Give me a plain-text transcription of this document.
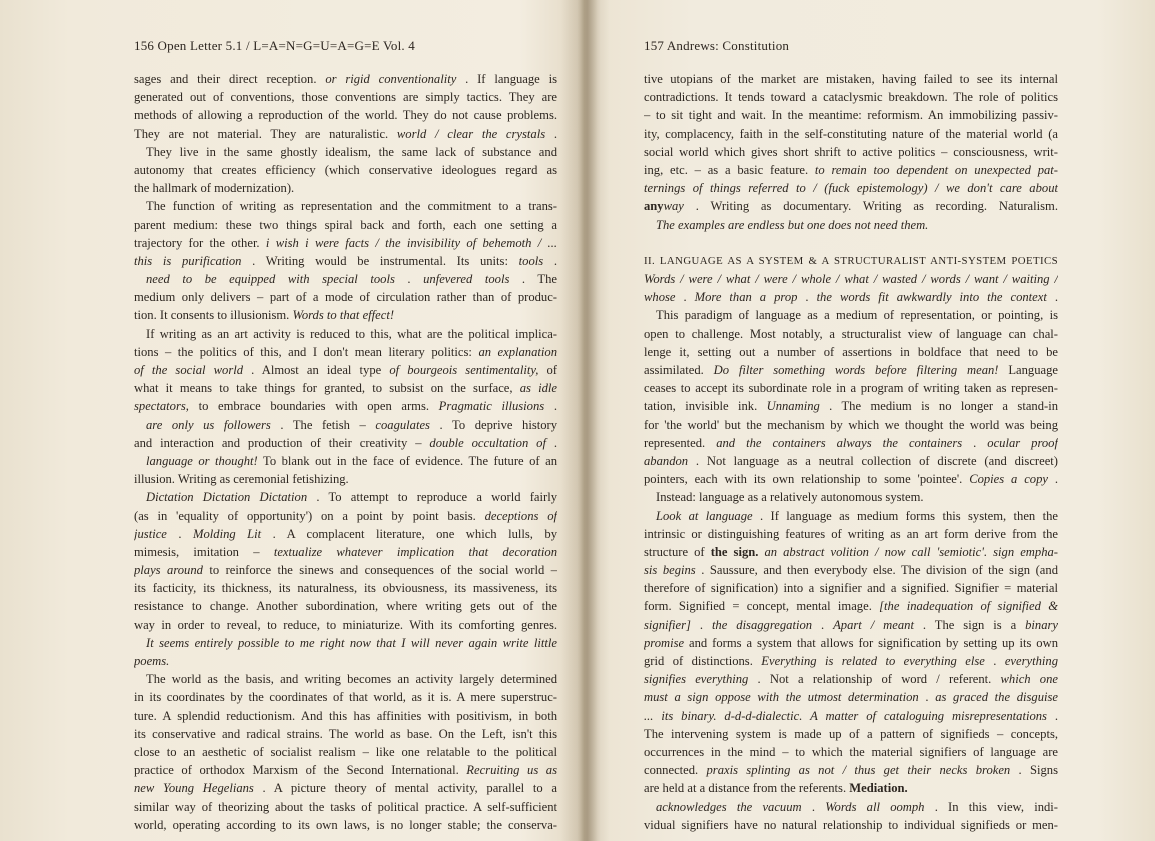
156 Open Letter 5.1 / L=A=N=G=U=A=G=E Vol. 4
sages and their direct reception. or rigid conventionality . If language is
generated out of conventions, those conventions are simply tactics. They are
methods of allowing a reproduction of the world. They do not cause problems.
They are not material. They are naturalistic. world / clear the crystals .
They live in the same ghostly idealism, the same lack of substance and
autonomy that creates efficiency (which conservative ideologues regard as
the hallmark of modernization).
The function of writing as representation and the commitment to a trans-
parent medium: these two things spiral back and forth, each one setting a
trajectory for the other. i wish i were facts / the invisibility of behemoth / ...
this is purification . Writing would be instrumental. Its units: tools .
need to be equipped with special tools . unfevered tools . The
medium only delivers – part of a mode of circulation rather than of produc-
tion. It consents to illusionism. Words to that effect!
If writing as an art activity is reduced to this, what are the political implica-
tions – the politics of this, and I don't mean literary politics: an explanation
of the social world . Almost an ideal type of bourgeois sentimentality, of
what it means to take things for granted, to subsist on the surface, as idle
spectators, to embrace boundaries with open arms. Pragmatic illusions .
are only us followers . The fetish – coagulates . To deprive history
and interaction and production of their creativity – double occultation of .
language or thought! To blank out in the face of evidence. The future of an
illusion. Writing as ceremonial fetishizing.
Dictation Dictation Dictation . To attempt to reproduce a world fairly
(as in 'equality of opportunity') on a point by point basis. deceptions of
justice . Molding Lit . A complacent literature, one which lulls, by
mimesis, imitation – textualize whatever implication that decoration
plays around to reinforce the sinews and consequences of the social world –
its facticity, its thickness, its naturalness, its obviousness, its massiveness, its
resistance to change. Another subordination, where writing gets out of the
way in order to reveal, to reduce, to miniaturize. With its comforting genres.
It seems entirely possible to me right now that I will never again write little
poems.
The world as the basis, and writing becomes an activity largely determined
in its coordinates by the coordinates of that world, as it is. A mere superstruc-
ture. A splendid reductionism. And this has affinities with positivism, in both
its conservative and radical strains. The world as base. On the Left, isn't this
close to an aesthetic of socialist realism – like one relatable to the political
practice of orthodox Marxism of the Second International. Recruiting us as
new Young Hegelians . A picture theory of mental activity, parallel to a
similar way of theorizing about the tasks of political practice. A self-sufficient
world, operating according to its own laws, is no longer stable; the conserva-
157 Andrews: Constitution
tive utopians of the market are mistaken, having failed to see its internal
contradictions. It tends toward a cataclysmic breakdown. The role of politics
– to sit tight and wait. In the meantime: reformism. An immobilizing passiv-
ity, complacency, faith in the self-constituting nature of the material world (a
social world which gives short shrift to active politics – consciousness, writ-
ing, etc. – as a basic feature. to remain too dependent on unexpected pat-
ternings of things referred to / (fuck epistemology) / we don't care about
anyway . Writing as documentary. Writing as recording. Naturalism.
The examples are endless but one does not need them.
II. LANGUAGE AS A SYSTEM & A STRUCTURALIST ANTI-SYSTEM POETICS
Words / were / what / were / whole / what / wasted / words / want / waiting /
whose . More than a prop . the words fit awkwardly into the context .
This paradigm of language as a medium of representation, or pointing, is
open to challenge. Most notably, a structuralist view of language can chal-
lenge it, setting out a number of assertions in boldface that need to be
assimilated. Do filter something words before filtering mean! Language
ceases to accept its subordinate role in a program of writing taken as represen-
tation, invisible ink. Unnaming . The medium is no longer a stand-in
for 'the world' but the mechanism by which we thought the world was being
represented. and the containers always the containers . ocular proof
abandon . Not language as a neutral collection of discrete (and discreet)
pointers, each with its own relationship to some 'pointee'. Copies a copy .
Instead: language as a relatively autonomous system.
Look at language . If language as medium forms this system, then the
intrinsic or distinguishing features of writing as an art form derive from the
structure of the sign. an abstract volition / now call 'semiotic'. sign empha-
sis begins . Saussure, and then everybody else. The division of the sign (and
therefore of signification) into a signifier and a signified. Signifier = material
form. Signified = concept, mental image. [the inadequation of signified &
signifier] . the disaggregation . Apart / meant . The sign is a binary
promise and forms a system that allows for signification by setting up its own
grid of distinctions. Everything is related to everything else . everything
signifies everything . Not a relationship of word / referent. which one
must a sign oppose with the utmost determination . as graced the disguise
... its binary. d-d-d-dialectic. A matter of cataloguing misrepresentations .
The intervening system is made up of a pattern of signifieds – concepts,
occurrences in the mind – to which the material signifiers of language are
connected. praxis splinting as not / thus get their necks broken . Signs
are held at a distance from the referents. Mediation.
acknowledges the vacuum . Words all oomph . In this view, indi-
vidual signifiers have no natural relationship to individual signifieds or men-
